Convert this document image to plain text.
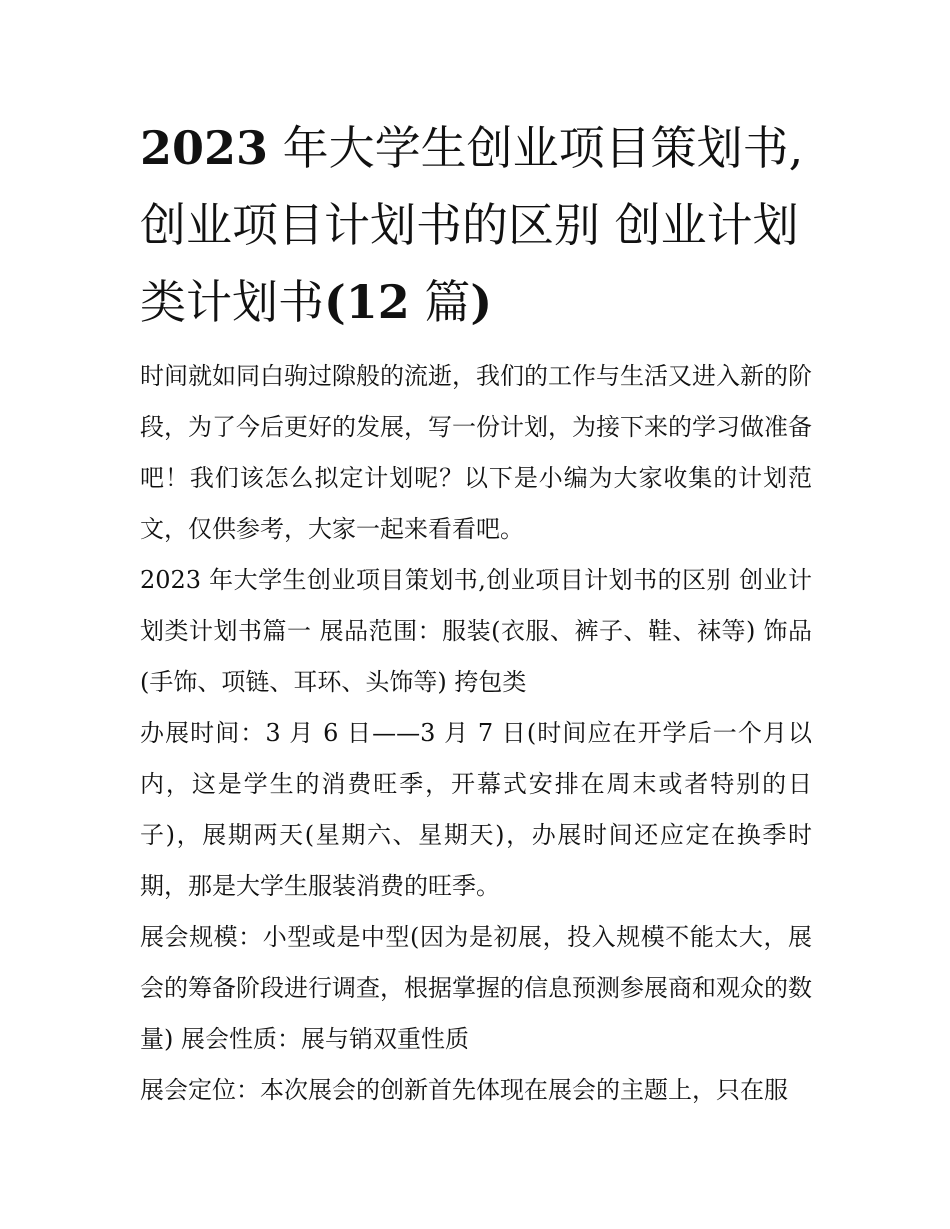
2023 年大学生创业项目策划书,创业项目计划书的区别 创业计划类计划书(12 篇)

时间就如同白驹过隙般的流逝，我们的工作与生活又进入新的阶段，为了今后更好的发展，写一份计划，为接下来的学习做准备吧！我们该怎么拟定计划呢？以下是小编为大家收集的计划范文，仅供参考，大家一起来看看吧。

2023 年大学生创业项目策划书,创业项目计划书的区别 创业计划类计划书篇一 展品范围：服装(衣服、裤子、鞋、袜等) 饰品(手饰、项链、耳环、头饰等) 挎包类

办展时间：3 月 6 日——3 月 7 日(时间应在开学后一个月以内，这是学生的消费旺季，开幕式安排在周末或者特别的日子)，展期两天(星期六、星期天)，办展时间还应定在换季时期，那是大学生服装消费的旺季。

展会规模：小型或是中型(因为是初展，投入规模不能太大，展会的筹备阶段进行调查，根据掌握的信息预测参展商和观众的数量) 展会性质：展与销双重性质

展会定位：本次展会的创新首先体现在展会的主题上，只在服
